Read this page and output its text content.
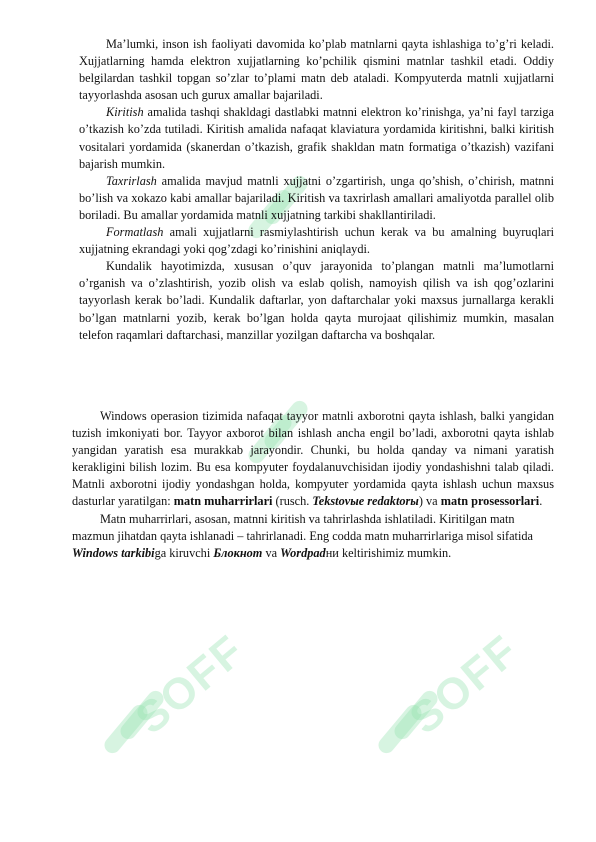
SOFF	SOFF

Ma’lumki, inson ish faoliyati davomida ko’plab matnlarni qayta ishlashiga to’g’ri keladi. Xujjatlarning hamda elektron xujjatlarning ko’pchilik qismini matnlar tashkil etadi. Oddiy belgilardan tashkil topgan so’zlar to’plami matn deb ataladi. Kompyuterda matnli xujjatlarni tayyorlashda asosan uch gurux amallar bajariladi.

Kiritish amalida tashqi shakldagi dastlabki matnni elektron ko’rinishga, ya’ni fayl tarziga o’tkazish ko’zda tutiladi. Kiritish amalida nafaqat klaviatura yordamida kiritishni, balki kiritish vositalari yordamida (skanerdan o’tkazish, grafik shakldan matn formatiga o’tkazish) vazifani bajarish mumkin.

Taxrirlash amalida mavjud matnli xujjatni o’zgartirish, unga qo’shish, o’chirish, matnni bo’lish va xokazo kabi amallar bajariladi. Kiritish va taxrirlash amallari amaliyotda parallel olib boriladi. Bu amallar yordamida matnli xujjatning tarkibi shakllantiriladi.

Formatlash amali xujjatlarni rasmiylashtirish uchun kerak va bu amalning buyruqlari xujjatning ekrandagi yoki qog’zdagi ko’rinishini aniqlaydi.

Kundalik hayotimizda, xususan o’quv jarayonida to’plangan matnli ma’lumotlarni o’rganish va o’zlashtirish, yozib olish va eslab qolish, namoyish qilish va ish qog’ozlarini tayyorlash kerak bo’ladi. Kundalik daftarlar, yon daftarchalar yoki maxsus jurnallarga kerakli bo’lgan matnlarni yozib, kerak bo’lgan holda qayta murojaat qilishimiz mumkin, masalan telefon raqamlari daftarchasi, manzillar yozilgan daftarcha va boshqalar.

Windows operasion tizimida nafaqat tayyor matnli axborotni qayta ishlash, balki yangidan tuzish imkoniyati bor. Tayyor axborot bilan ishlash ancha engil bo’ladi, axborotni qayta ishlab yangidan yaratish esa murakkab jarayondir. Chunki, bu holda qanday va nimani yaratish kerakligini bilish lozim. Bu esa kompyuter foydalanuvchisidan ijodiy yondashishni talab qiladi. Matnli axborotni ijodiy yondashgan holda, kompyuter yordamida qayta ishlash uchun maxsus dasturlar yaratilgan: matn muharrirlari (rusch. Tekstovыe redaktorы) va matn prosessorlari.

Matn muharrirlari, asosan, matnni kiritish va tahrirlashda ishlatiladi. Kiritilgan matn mazmun jihatdan qayta ishlanadi – tahrirlanadi. Eng codda matn muharrirlariga misol sifatida Windows tarkibiga kiruvchi Блокнот va Wordpadни keltirishimiz mumkin.
